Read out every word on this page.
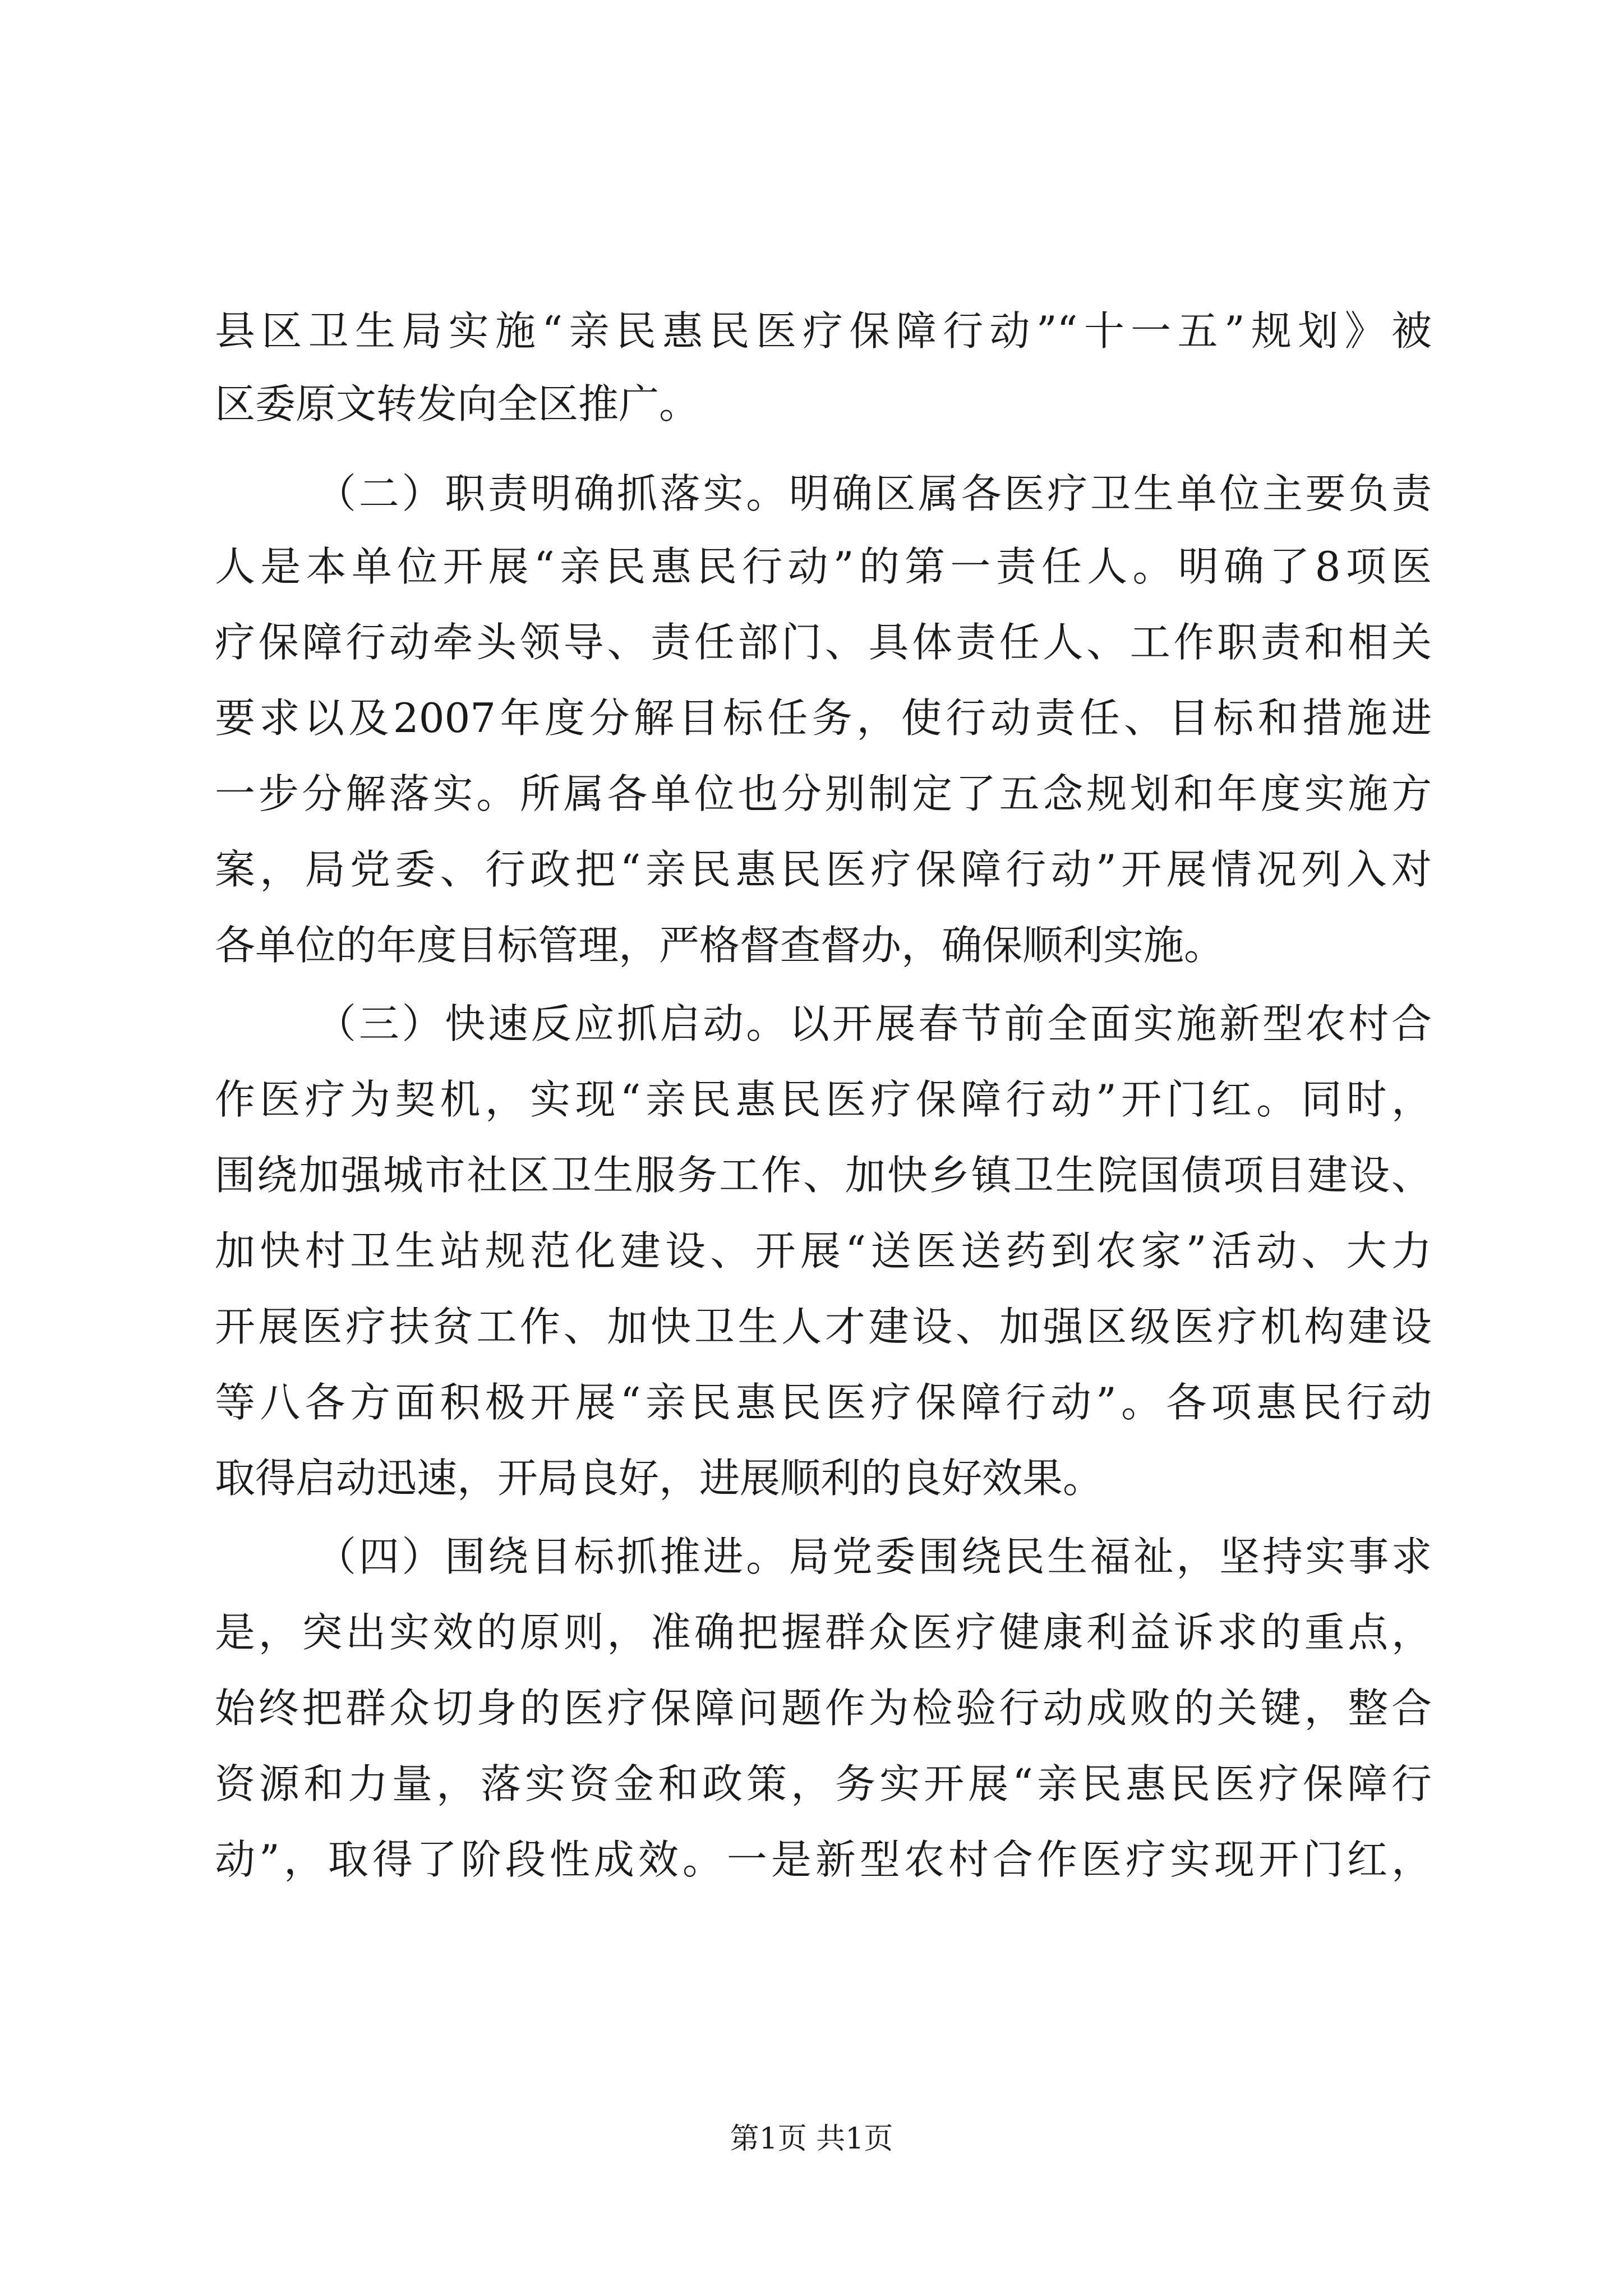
县区卫生局实施“亲民惠民医疗保障行动”“十一五”规划》被
区委原文转发向全区推广。
（二）职责明确抓落实。明确区属各医疗卫生单位主要负责
人是本单位开展“亲民惠民行动”的第一责任人。明确了8项医
疗保障行动牵头领导、责任部门、具体责任人、工作职责和相关
要求以及2007年度分解目标任务，使行动责任、目标和措施进
一步分解落实。所属各单位也分别制定了五念规划和年度实施方
案，局党委、行政把“亲民惠民医疗保障行动”开展情况列入对
各单位的年度目标管理，严格督查督办，确保顺利实施。
（三）快速反应抓启动。以开展春节前全面实施新型农村合
作医疗为契机，实现“亲民惠民医疗保障行动”开门红。同时，
围绕加强城市社区卫生服务工作、加快乡镇卫生院国债项目建设、
加快村卫生站规范化建设、开展“送医送药到农家”活动、大力
开展医疗扶贫工作、加快卫生人才建设、加强区级医疗机构建设
等八各方面积极开展“亲民惠民医疗保障行动”。各项惠民行动
取得启动迅速，开局良好，进展顺利的良好效果。
（四）围绕目标抓推进。局党委围绕民生福祉，坚持实事求
是，突出实效的原则，准确把握群众医疗健康利益诉求的重点，
始终把群众切身的医疗保障问题作为检验行动成败的关键，整合
资源和力量，落实资金和政策，务实开展“亲民惠民医疗保障行
动”，取得了阶段性成效。一是新型农村合作医疗实现开门红，
第1页 共1页
